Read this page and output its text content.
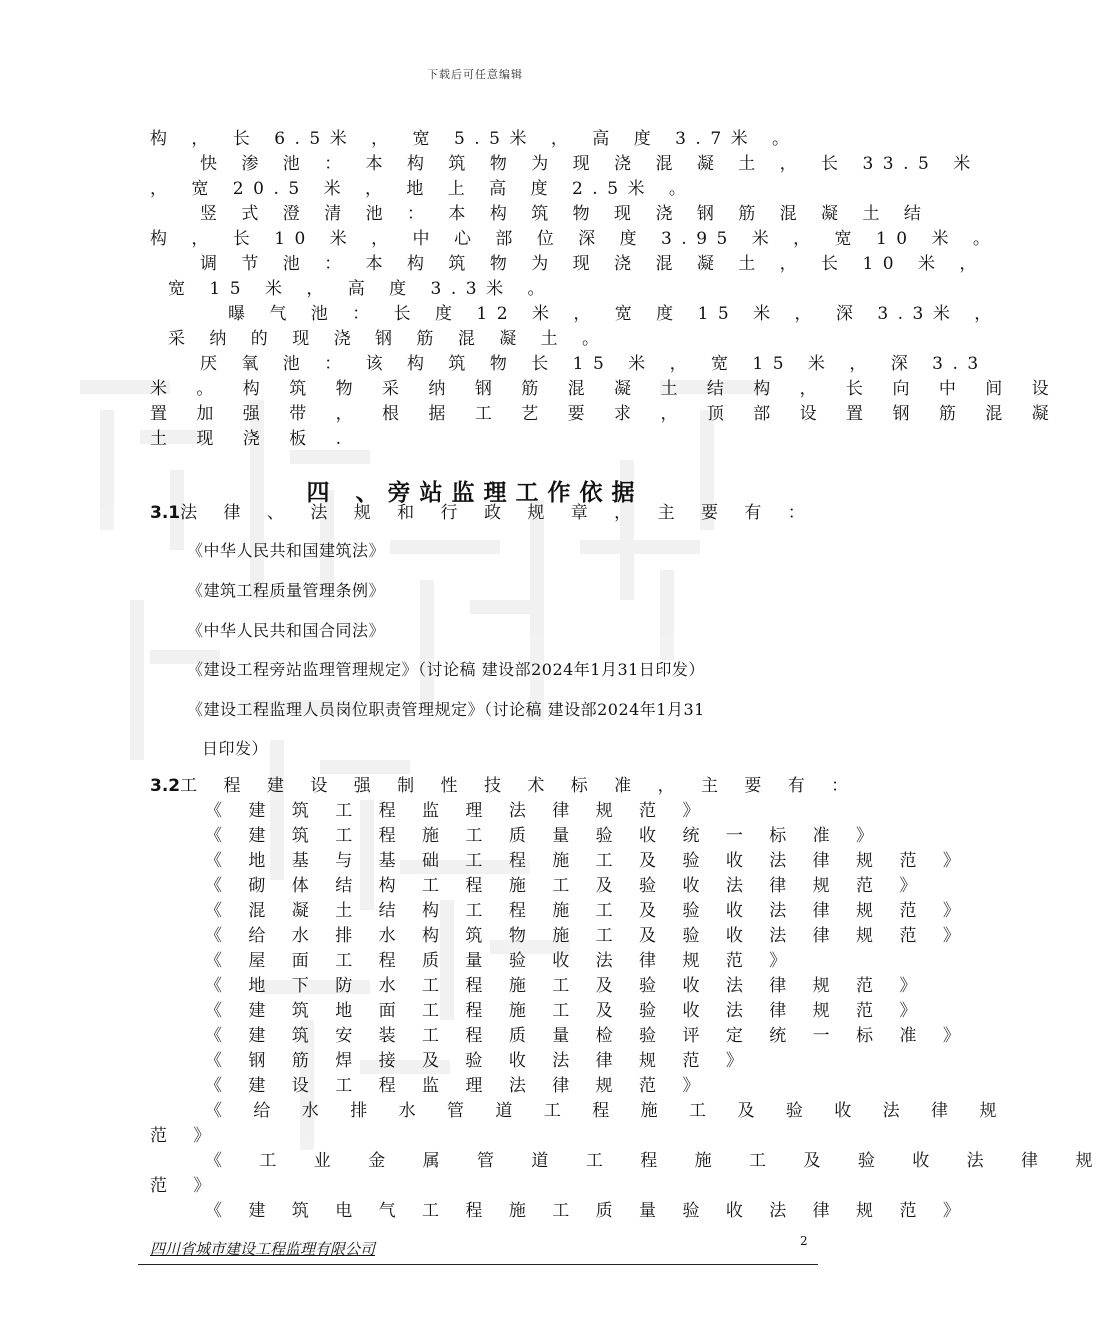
下载后可任意编辑
构 ， 长 6.5米 ， 宽 5.5米 ， 高 度 3.7米 。
快 渗 池 ： 本 构 筑 物 为 现 浇 混 凝 土 ， 长 33.5 米
， 宽 20.5 米 ， 地 上 高 度 2.5米 。
竖 式 澄 清 池 ： 本 构 筑 物 现 浇 钢 筋 混 凝 土 结
构 ， 长 10 米 ， 中 心 部 位 深 度 3.95 米 ， 宽 10 米 。
调 节 池 ： 本 构 筑 物 为 现 浇 混 凝 土 ， 长 10 米 ，
宽 15 米 ， 高 度 3.3米 。
曝 气 池 ： 长 度 12 米 ， 宽 度 15 米 ， 深 3.3米 ，
采 纳 的 现 浇 钢 筋 混 凝 土 。
厌 氧 池 ： 该 构 筑 物 长 15 米 ， 宽 15 米 ， 深 3.3
米 。 构 筑 物 采 纳 钢 筋 混 凝 土 结 构 ， 长 向 中 间 设
置 加 强 带 ， 根 据 工 艺 要 求 ， 顶 部 设 置 钢 筋 混 凝
土 现 浇 板 .
四 、旁站监理工作依据
3.1法 律 、 法 规 和 行 政 规 章 ， 主 要 有 ：
《中华人民共和国建筑法》
《建筑工程质量管理条例》
《中华人民共和国合同法》
《建设工程旁站监理管理规定》（讨论稿 建设部2024年1月31日印发）
《建设工程监理人员岗位职责管理规定》（讨论稿 建设部2024年1月31
日印发）
3.2工 程 建 设 强 制 性 技 术 标 准 ， 主 要 有 ：
《 建 筑 工 程 监 理 法 律 规 范 》
《 建 筑 工 程 施 工 质 量 验 收 统 一 标 准 》
《 地 基 与 基 础 工 程 施 工 及 验 收 法 律 规 范 》
《 砌 体 结 构 工 程 施 工 及 验 收 法 律 规 范 》
《 混 凝 土 结 构 工 程 施 工 及 验 收 法 律 规 范 》
《 给 水 排 水 构 筑 物 施 工 及 验 收 法 律 规 范 》
《 屋 面 工 程 质 量 验 收 法 律 规 范 》
《 地 下 防 水 工 程 施 工 及 验 收 法 律 规 范 》
《 建 筑 地 面 工 程 施 工 及 验 收 法 律 规 范 》
《 建 筑 安 装 工 程 质 量 检 验 评 定 统 一 标 准 》
《 钢 筋 焊 接 及 验 收 法 律 规 范 》
《 建 设 工 程 监 理 法 律 规 范 》
《 给 水 排 水 管 道 工 程 施 工 及 验 收 法 律 规
范 》
《 工 业 金 属 管 道 工 程 施 工 及 验 收 法 律 规
范 》
《 建 筑 电 气 工 程 施 工 质 量 验 收 法 律 规 范 》
四川省城市建设工程监理有限公司	2
